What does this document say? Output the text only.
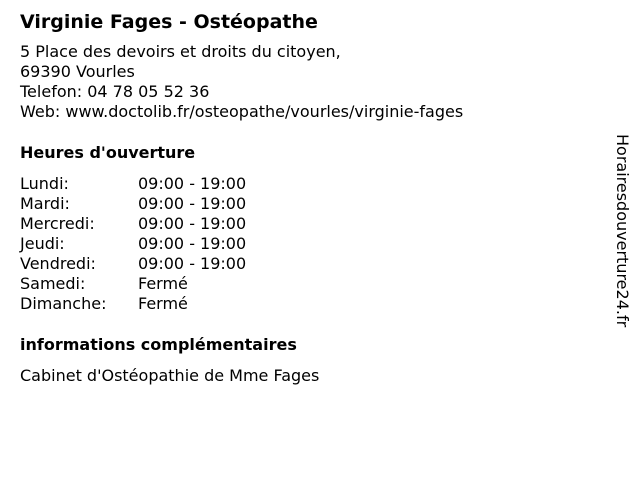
Virginie Fages - Ostéopathe
5 Place des devoirs et droits du citoyen,
69390 Vourles
Telefon: 04 78 05 52 36
Web: www.doctolib.fr/osteopathe/vourles/virginie-fages
Heures d'ouverture
Lundi:	09:00 - 19:00
Mardi:	09:00 - 19:00
Mercredi:	09:00 - 19:00
Jeudi:	09:00 - 19:00
Vendredi:	09:00 - 19:00
Samedi:	Fermé
Dimanche:	Fermé
informations complémentaires
Cabinet d'Ostéopathie de Mme Fages
Horairesdouverture24.fr
